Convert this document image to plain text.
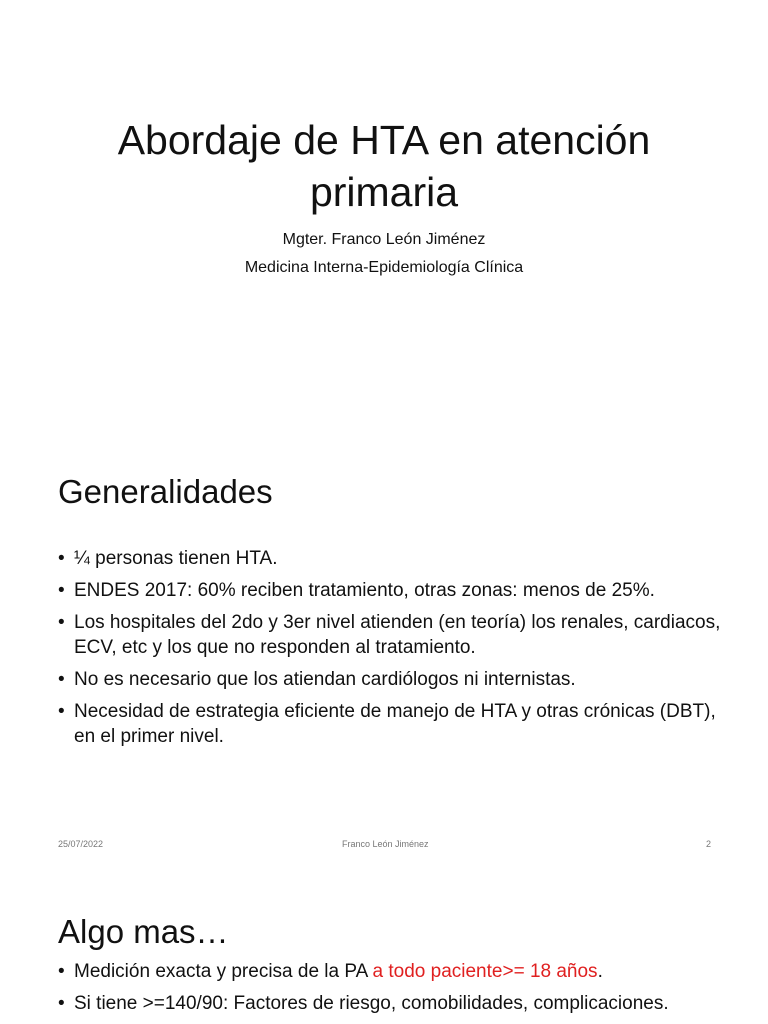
Abordaje de HTA en atención
primaria
Mgter. Franco León Jiménez
Medicina Interna-Epidemiología Clínica
Generalidades
• ¼ personas tienen HTA.
• ENDES 2017: 60% reciben tratamiento, otras zonas: menos de 25%.
• Los hospitales del 2do y 3er nivel atienden (en teoría) los renales, cardiacos, ECV, etc y los que no responden al tratamiento.
• No es necesario que los atiendan cardiólogos ni internistas.
• Necesidad de estrategia eficiente de manejo de HTA y otras crónicas (DBT), en el primer nivel.
25/07/2022	Franco León Jiménez	2
Algo mas…
• Medición exacta y precisa de la PA a todo paciente>= 18 años.
• Si tiene >=140/90: Factores de riesgo, comobilidades, complicaciones.
